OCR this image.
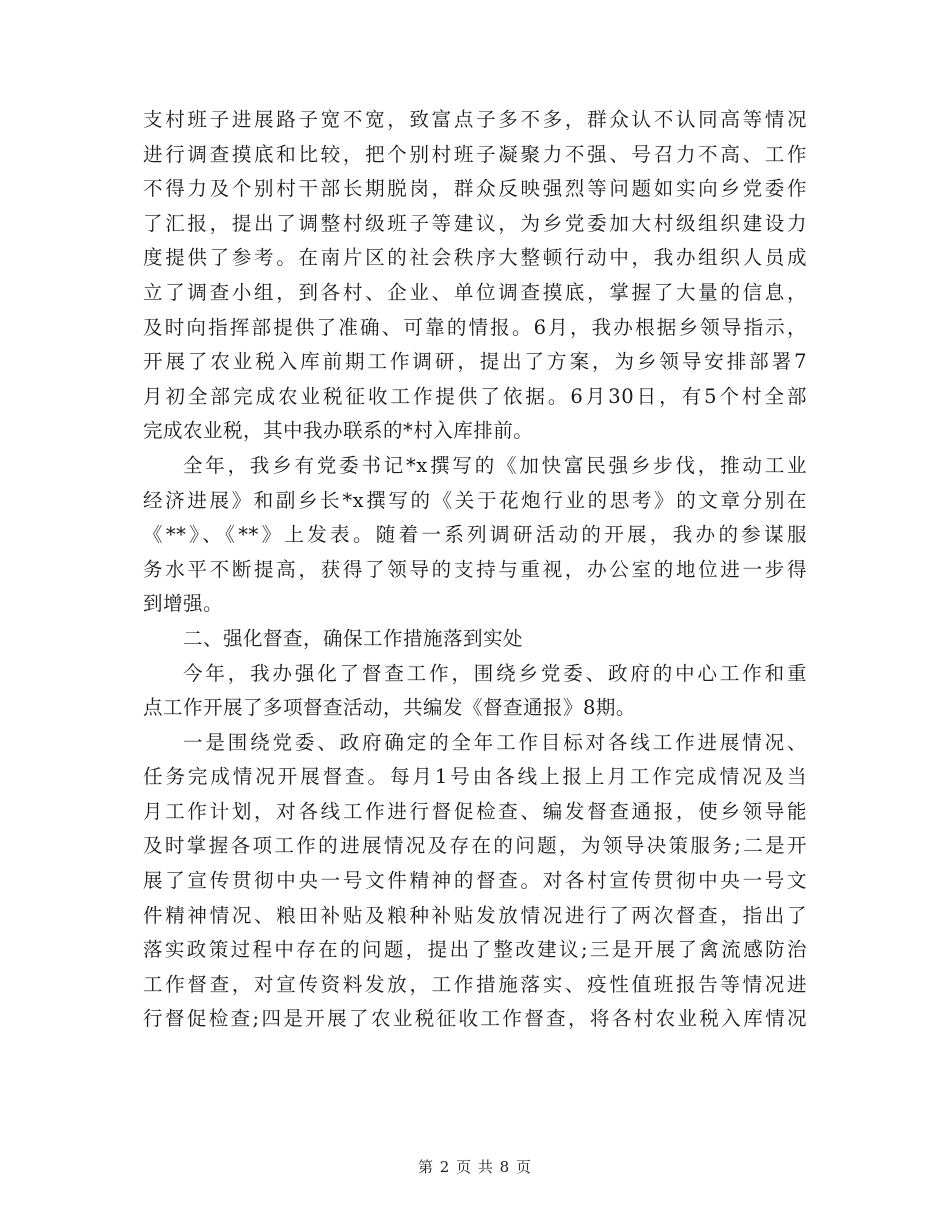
支村班子进展路子宽不宽，致富点子多不多，群众认不认同高等情况
进行调查摸底和比较，把个别村班子凝聚力不强、号召力不高、工作
不得力及个别村干部长期脱岗，群众反映强烈等问题如实向乡党委作
了汇报，提出了调整村级班子等建议，为乡党委加大村级组织建设力
度提供了参考。在南片区的社会秩序大整顿行动中，我办组织人员成
立了调查小组，到各村、企业、单位调查摸底，掌握了大量的信息，
及时向指挥部提供了准确、可靠的情报。6月，我办根据乡领导指示，
开展了农业税入库前期工作调研，提出了方案，为乡领导安排部署7
月初全部完成农业税征收工作提供了依据。6月30日，有5个村全部
完成农业税，其中我办联系的*村入库排前。
全年，我乡有党委书记*x撰写的《加快富民强乡步伐，推动工业
经济进展》和副乡长*x撰写的《关于花炮行业的思考》的文章分别在
《**》、《**》上发表。随着一系列调研活动的开展，我办的参谋服
务水平不断提高，获得了领导的支持与重视，办公室的地位进一步得
到增强。
二、强化督查，确保工作措施落到实处
今年，我办强化了督查工作，围绕乡党委、政府的中心工作和重
点工作开展了多项督查活动，共编发《督查通报》8期。
一是围绕党委、政府确定的全年工作目标对各线工作进展情况、
任务完成情况开展督查。每月1号由各线上报上月工作完成情况及当
月工作计划，对各线工作进行督促检查、编发督查通报，使乡领导能
及时掌握各项工作的进展情况及存在的问题，为领导决策服务;二是开
展了宣传贯彻中央一号文件精神的督查。对各村宣传贯彻中央一号文
件精神情况、粮田补贴及粮种补贴发放情况进行了两次督查，指出了
落实政策过程中存在的问题，提出了整改建议;三是开展了禽流感防治
工作督查，对宣传资料发放，工作措施落实、疫性值班报告等情况进
行督促检查;四是开展了农业税征收工作督查，将各村农业税入库情况
第 2 页 共 8 页
